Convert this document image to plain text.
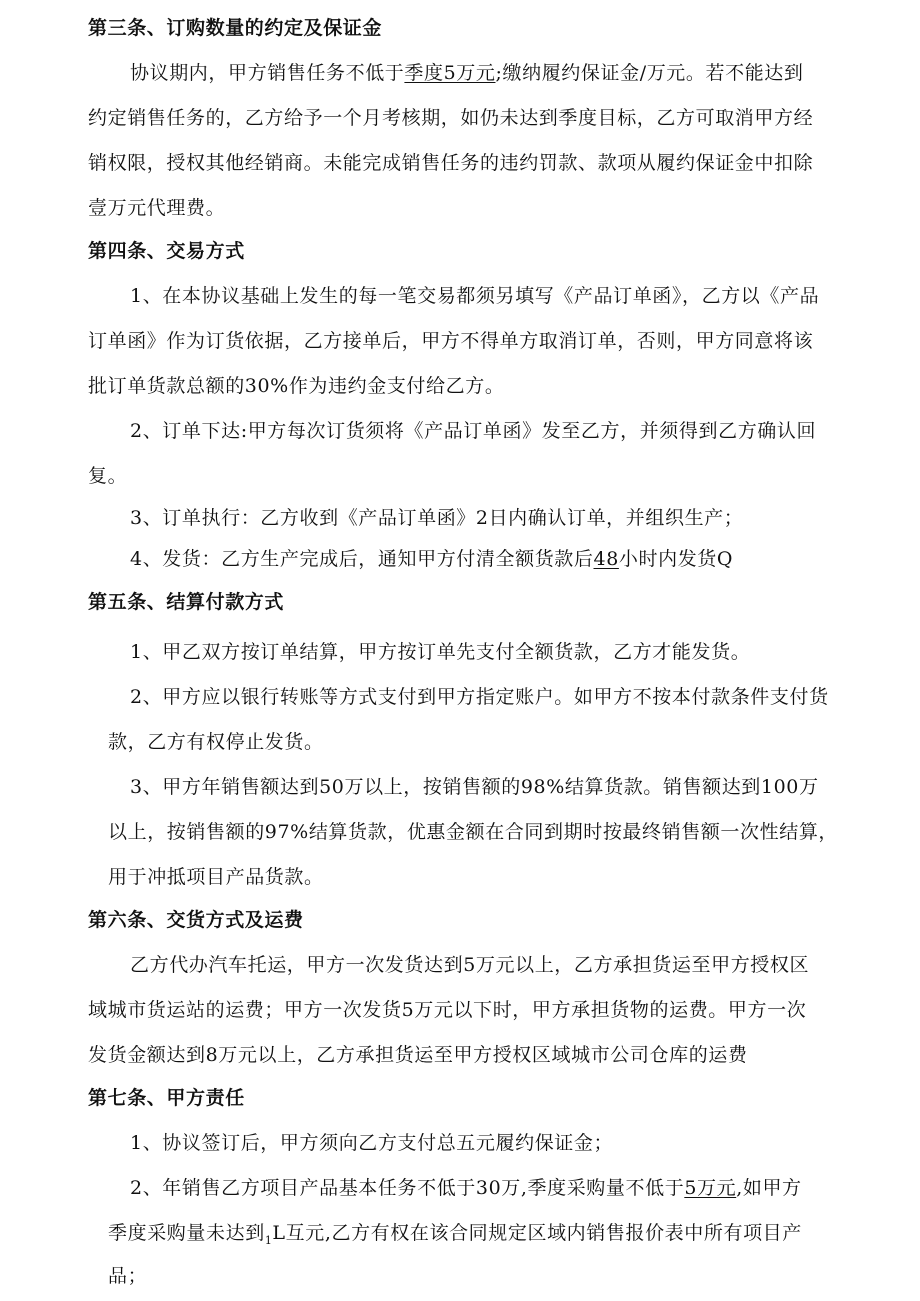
第三条、订购数量的约定及保证金
协议期内，甲方销售任务不低于季度5万元;缴纳履约保证金/万元。若不能达到
约定销售任务的，乙方给予一个月考核期，如仍未达到季度目标，乙方可取消甲方经
销权限，授权其他经销商。未能完成销售任务的违约罚款、款项从履约保证金中扣除
壹万元代理费。
第四条、交易方式
1、在本协议基础上发生的每一笔交易都须另填写《产品订单函》，乙方以《产品
订单函》作为订货依据，乙方接单后，甲方不得单方取消订单，否则，甲方同意将该
批订单货款总额的30%作为违约金支付给乙方。
2、订单下达:甲方每次订货须将《产品订单函》发至乙方，并须得到乙方确认回
复。
3、订单执行：乙方收到《产品订单函》2日内确认订单，并组织生产；
4、发货：乙方生产完成后，通知甲方付清全额货款后48小时内发货Q
第五条、结算付款方式
1、甲乙双方按订单结算，甲方按订单先支付全额货款，乙方才能发货。
2、甲方应以银行转账等方式支付到甲方指定账户。如甲方不按本付款条件支付货
款，乙方有权停止发货。
3、甲方年销售额达到50万以上，按销售额的98%结算货款。销售额达到100万
以上，按销售额的97%结算货款，优惠金额在合同到期时按最终销售额一次性结算，
用于冲抵项目产品货款。
第六条、交货方式及运费
乙方代办汽车托运，甲方一次发货达到5万元以上，乙方承担货运至甲方授权区
域城市货运站的运费；甲方一次发货5万元以下时，甲方承担货物的运费。甲方一次
发货金额达到8万元以上，乙方承担货运至甲方授权区域城市公司仓库的运费
第七条、甲方责任
1、协议签订后，甲方须向乙方支付总五元履约保证金；
2、年销售乙方项目产品基本任务不低于30万,季度采购量不低于5万元,如甲方
季度采购量未达到$_1$L互元,乙方有权在该合同规定区域内销售报价表中所有项目产
品；
